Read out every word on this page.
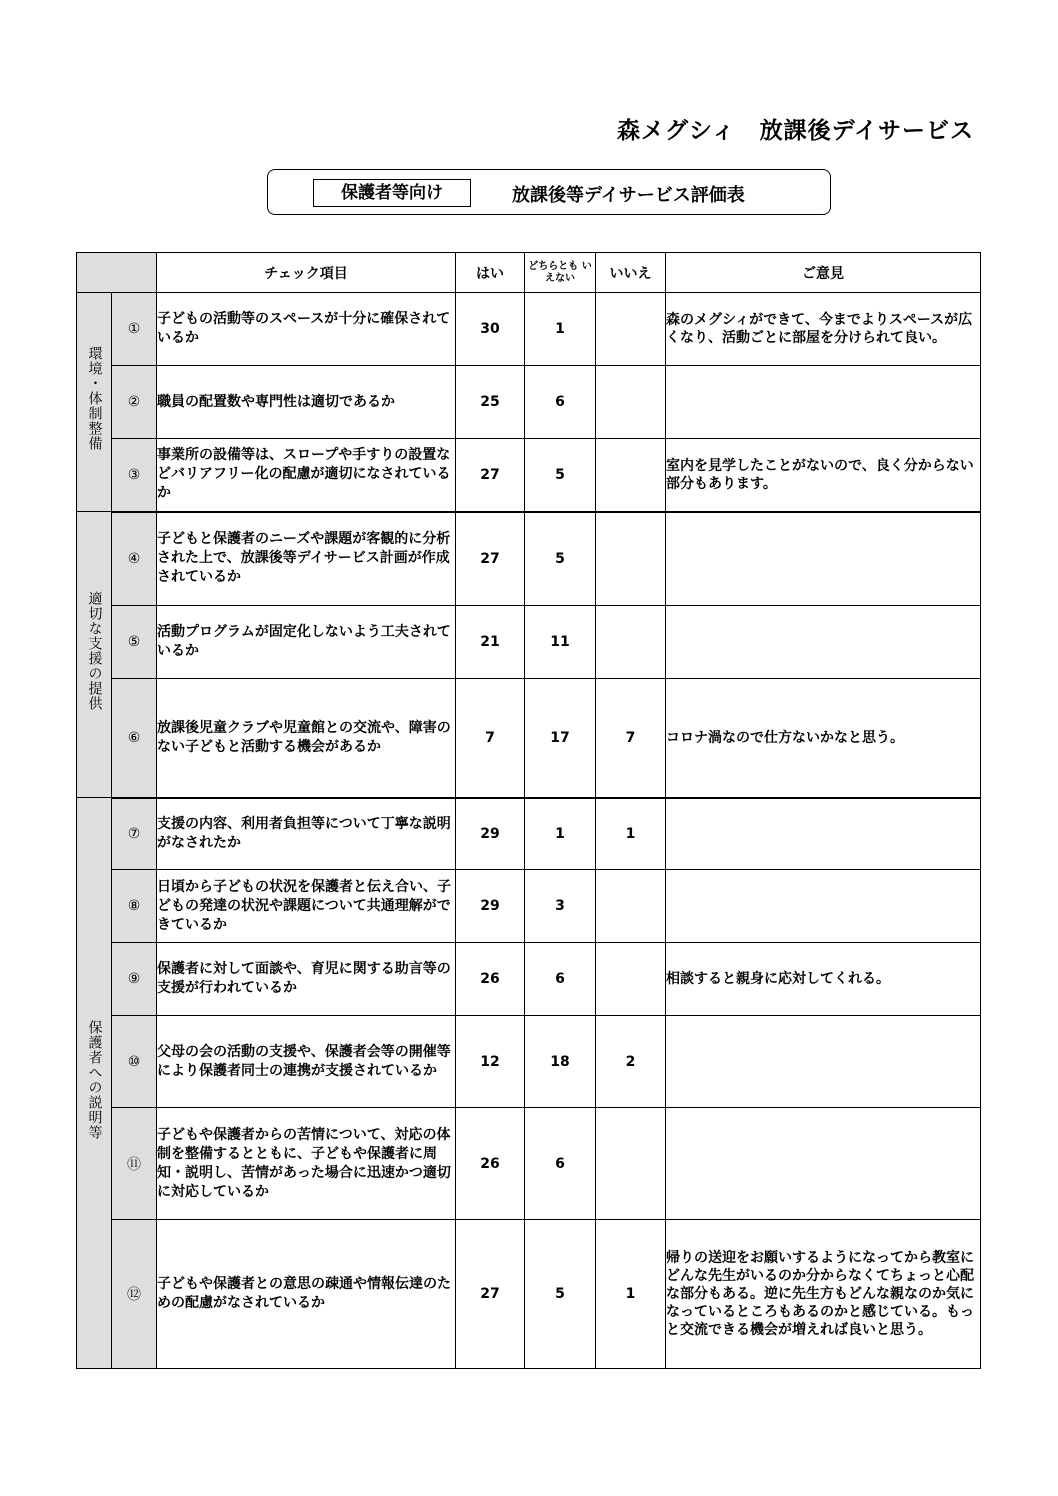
森メグシィ　放課後デイサービス
保護者等向け	放課後等デイサービス評価表
		チェック項目	はい	どちらとも いえない	いいえ	ご意見
環境・体制整備	①	子どもの活動等のスペースが十分に確保されているか	30	1		森のメグシィができて、今までよりスペースが広くなり、活動ごとに部屋を分けられて良い。
	②	職員の配置数や専門性は適切であるか	25	6		
	③	事業所の設備等は、スロープや手すりの設置などバリアフリー化の配慮が適切になされているか	27	5		室内を見学したことがないので、良く分からない部分もあります。
適切な支援の提供	④	子どもと保護者のニーズや課題が客観的に分析された上で、放課後等デイサービス計画が作成されているか	27	5		
	⑤	活動プログラムが固定化しないよう工夫されているか	21	11		
	⑥	放課後児童クラブや児童館との交流や、障害のない子どもと活動する機会があるか	7	17	7	コロナ渦なので仕方ないかなと思う。
保護者への説明等	⑦	支援の内容、利用者負担等について丁寧な説明がなされたか	29	1	1	
	⑧	日頃から子どもの状況を保護者と伝え合い、子どもの発達の状況や課題について共通理解ができているか	29	3		
	⑨	保護者に対して面談や、育児に関する助言等の支援が行われているか	26	6		相談すると親身に応対してくれる。
	⑩	父母の会の活動の支援や、保護者会等の開催等により保護者同士の連携が支援されているか	12	18	2	
	⑪	子どもや保護者からの苦情について、対応の体制を整備するとともに、子どもや保護者に周知・説明し、苦情があった場合に迅速かつ適切に対応しているか	26	6		
	⑫	子どもや保護者との意思の疎通や情報伝達のための配慮がなされているか	27	5	1	帰りの送迎をお願いするようになってから教室にどんな先生がいるのか分からなくてちょっと心配な部分もある。逆に先生方もどんな親なのか気になっているところもあるのかと感じている。もっと交流できる機会が増えれば良いと思う。
